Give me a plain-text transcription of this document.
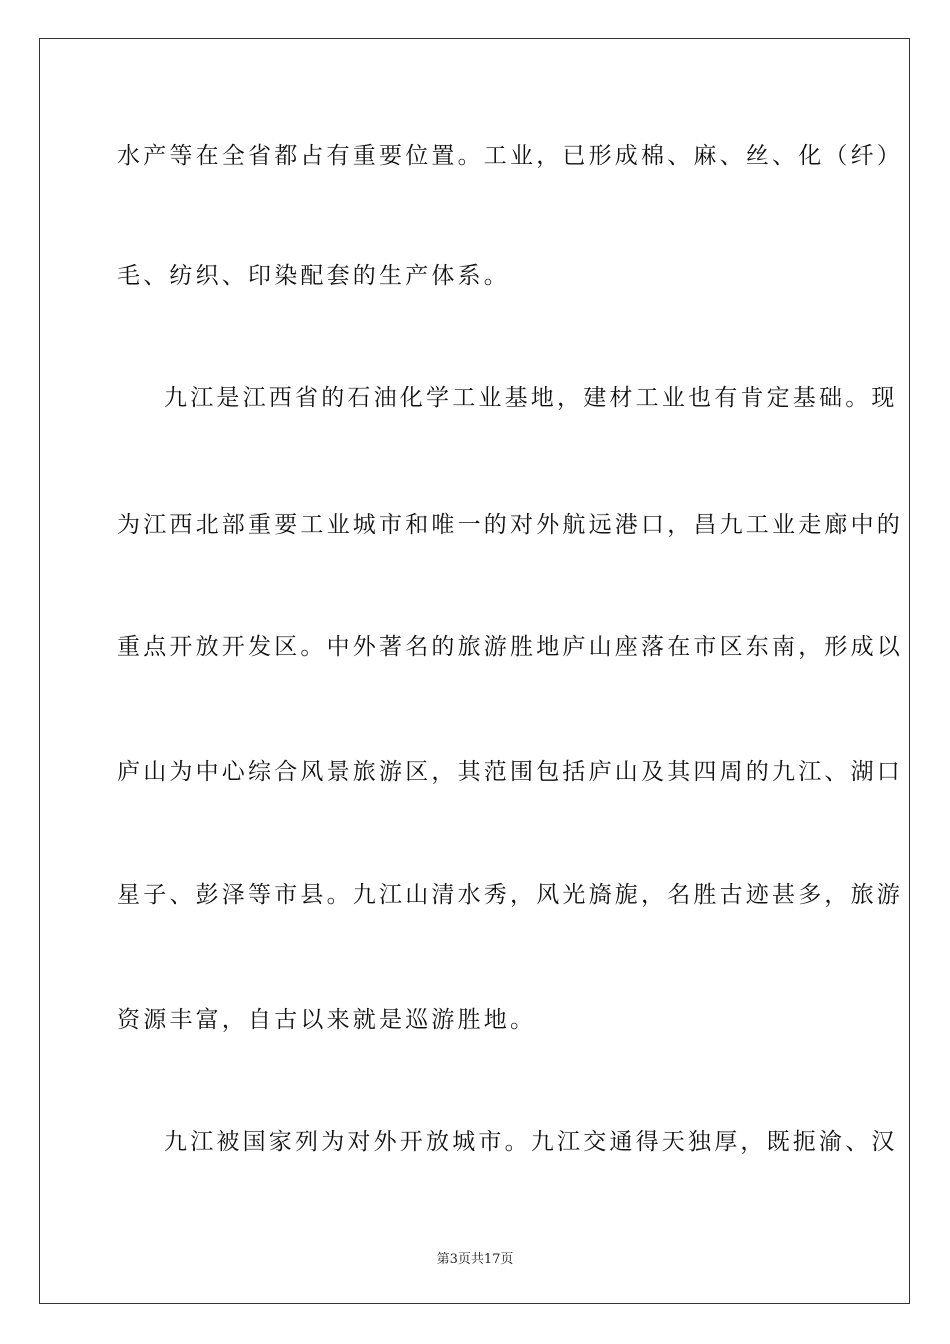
水产等在全省都占有重要位置。工业，已形成棉、麻、丝、化（纤）
毛、纺织、印染配套的生产体系。
九江是江西省的石油化学工业基地，建材工业也有肯定基础。现
为江西北部重要工业城市和唯一的对外航远港口，昌九工业走廊中的
重点开放开发区。中外著名的旅游胜地庐山座落在市区东南，形成以
庐山为中心综合风景旅游区，其范围包括庐山及其四周的九江、湖口
星子、彭泽等市县。九江山清水秀，风光旖旎，名胜古迹甚多，旅游
资源丰富，自古以来就是巡游胜地。
九江被国家列为对外开放城市。九江交通得天独厚，既扼渝、汉
第3页共17页
